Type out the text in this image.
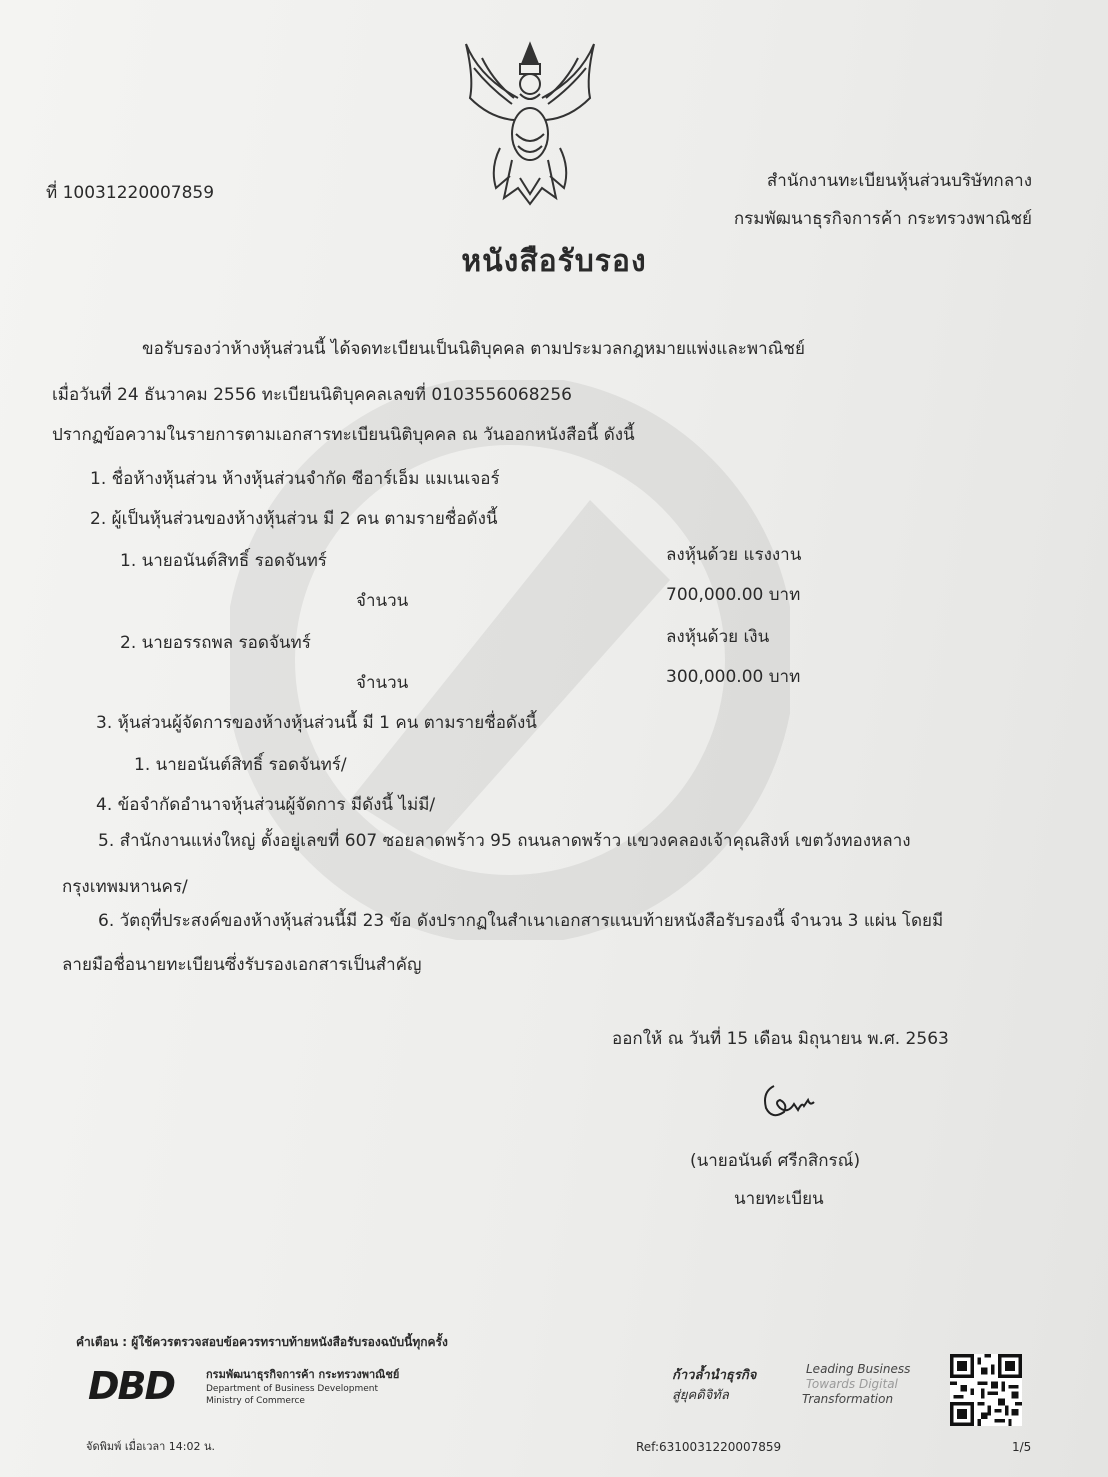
ที่ 10031220007859
สำนักงานทะเบียนหุ้นส่วนบริษัทกลาง
กรมพัฒนาธุรกิจการค้า กระทรวงพาณิชย์
หนังสือรับรอง
ขอรับรองว่าห้างหุ้นส่วนนี้ ได้จดทะเบียนเป็นนิติบุคคล ตามประมวลกฎหมายแพ่งและพาณิชย์
เมื่อวันที่ 24 ธันวาคม 2556 ทะเบียนนิติบุคคลเลขที่ 0103556068256
ปรากฏข้อความในรายการตามเอกสารทะเบียนนิติบุคคล ณ วันออกหนังสือนี้ ดังนี้
1. ชื่อห้างหุ้นส่วน ห้างหุ้นส่วนจำกัด ซีอาร์เอ็ม แมเนเจอร์
2. ผู้เป็นหุ้นส่วนของห้างหุ้นส่วน มี 2 คน ตามรายชื่อดังนี้
1. นายอนันต์สิทธิ์ รอดจันทร์	ลงหุ้นด้วย แรงงาน
จำนวน	700,000.00 บาท
2. นายอรรถพล รอดจันทร์	ลงหุ้นด้วย เงิน
จำนวน	300,000.00 บาท
3. หุ้นส่วนผู้จัดการของห้างหุ้นส่วนนี้ มี 1 คน ตามรายชื่อดังนี้
1. นายอนันต์สิทธิ์ รอดจันทร์/
4. ข้อจำกัดอำนาจหุ้นส่วนผู้จัดการ มีดังนี้ ไม่มี/
5. สำนักงานแห่งใหญ่ ตั้งอยู่เลขที่ 607 ซอยลาดพร้าว 95 ถนนลาดพร้าว แขวงคลองเจ้าคุณสิงห์ เขตวังทองหลาง
กรุงเทพมหานคร/
6. วัตถุที่ประสงค์ของห้างหุ้นส่วนนี้มี 23 ข้อ ดังปรากฏในสำเนาเอกสารแนบท้ายหนังสือรับรองนี้ จำนวน 3 แผ่น โดยมี
ลายมือชื่อนายทะเบียนซึ่งรับรองเอกสารเป็นสำคัญ
ออกให้ ณ วันที่ 15 เดือน มิถุนายน พ.ศ. 2563
(นายอนันต์ ศรีกสิกรณ์)
นายทะเบียน
คำเตือน : ผู้ใช้ควรตรวจสอบข้อควรทราบท้ายหนังสือรับรองฉบับนี้ทุกครั้ง
DBD	กรมพัฒนาธุรกิจการค้า กระทรวงพาณิชย์
Department of Business Development
Ministry of Commerce
ก้าวล้ำนำธุรกิจ
สู่ยุคดิจิทัล
Leading Business
Towards Digital
Transformation
จัดพิมพ์ เมื่อเวลา 14:02 น.	Ref:6310031220007859	1/5
